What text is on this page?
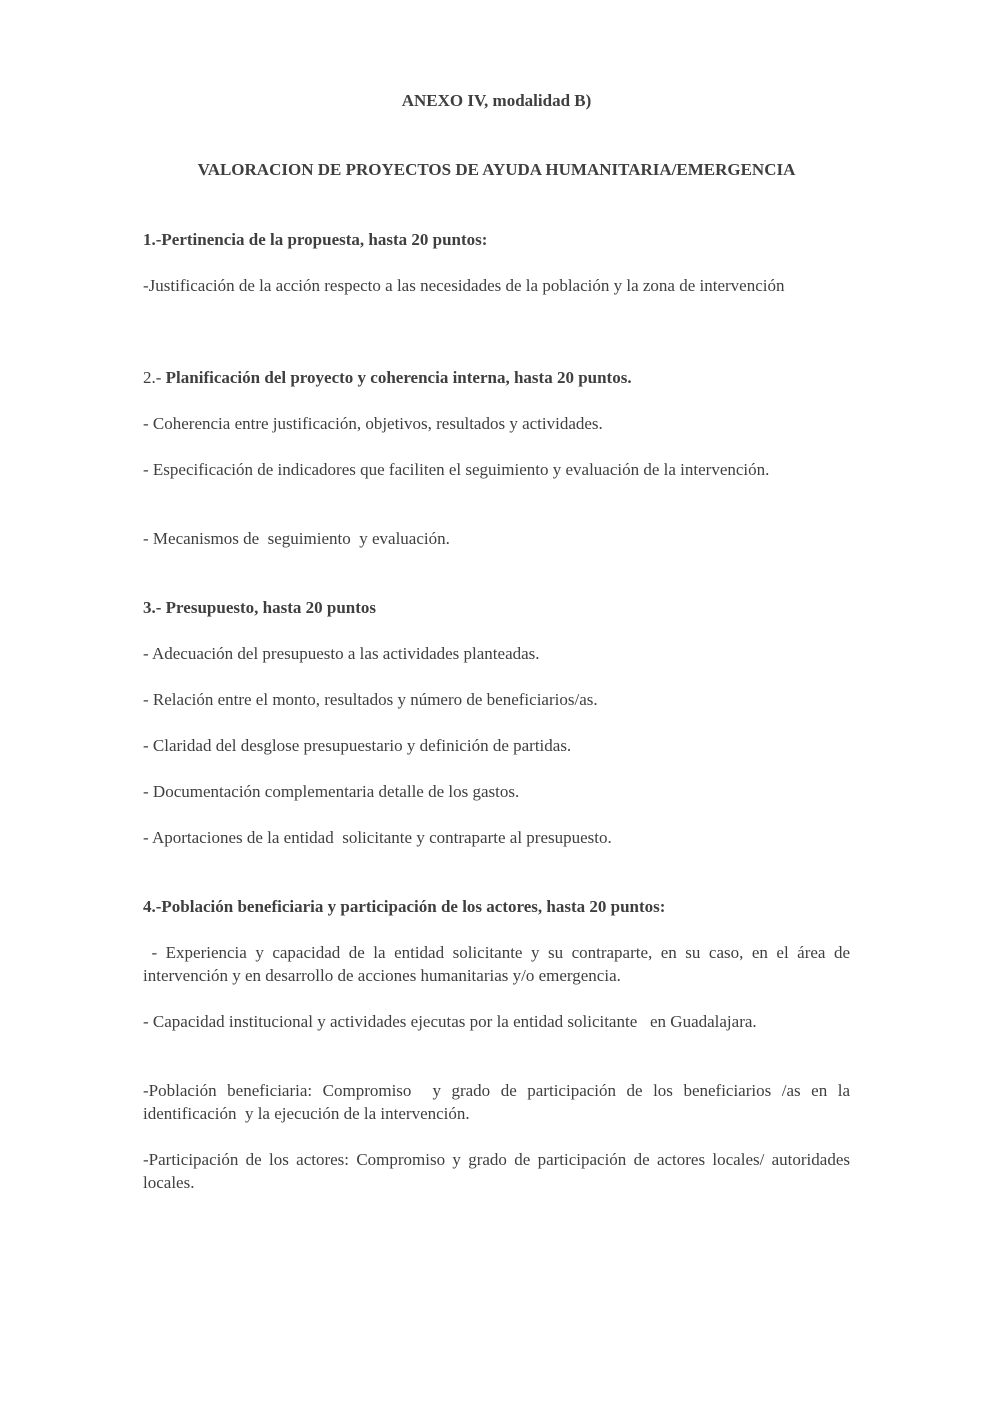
ANEXO IV, modalidad B)

VALORACION DE PROYECTOS DE AYUDA HUMANITARIA/EMERGENCIA

1.-Pertinencia de la propuesta, hasta 20 puntos:

-Justificación de la acción respecto a las necesidades de la población y la zona de intervención

2.- Planificación del proyecto y coherencia interna, hasta 20 puntos.

- Coherencia entre justificación, objetivos, resultados y actividades.

- Especificación de indicadores que faciliten el seguimiento y evaluación de la intervención.

- Mecanismos de  seguimiento  y evaluación.

3.- Presupuesto, hasta 20 puntos

- Adecuación del presupuesto a las actividades planteadas.

- Relación entre el monto, resultados y número de beneficiarios/as.

- Claridad del desglose presupuestario y definición de partidas.

- Documentación complementaria detalle de los gastos.

- Aportaciones de la entidad  solicitante y contraparte al presupuesto.

4.-Población beneficiaria y participación de los actores, hasta 20 puntos:

- Experiencia y capacidad de la entidad solicitante y su contraparte, en su caso, en el área de intervención y en desarrollo de acciones humanitarias y/o emergencia.

- Capacidad institucional y actividades ejecutas por la entidad solicitante   en Guadalajara.

-Población beneficiaria: Compromiso  y grado de participación de los beneficiarios /as en la identificación  y la ejecución de la intervención.

-Participación de los actores: Compromiso y grado de participación de actores locales/ autoridades locales.
